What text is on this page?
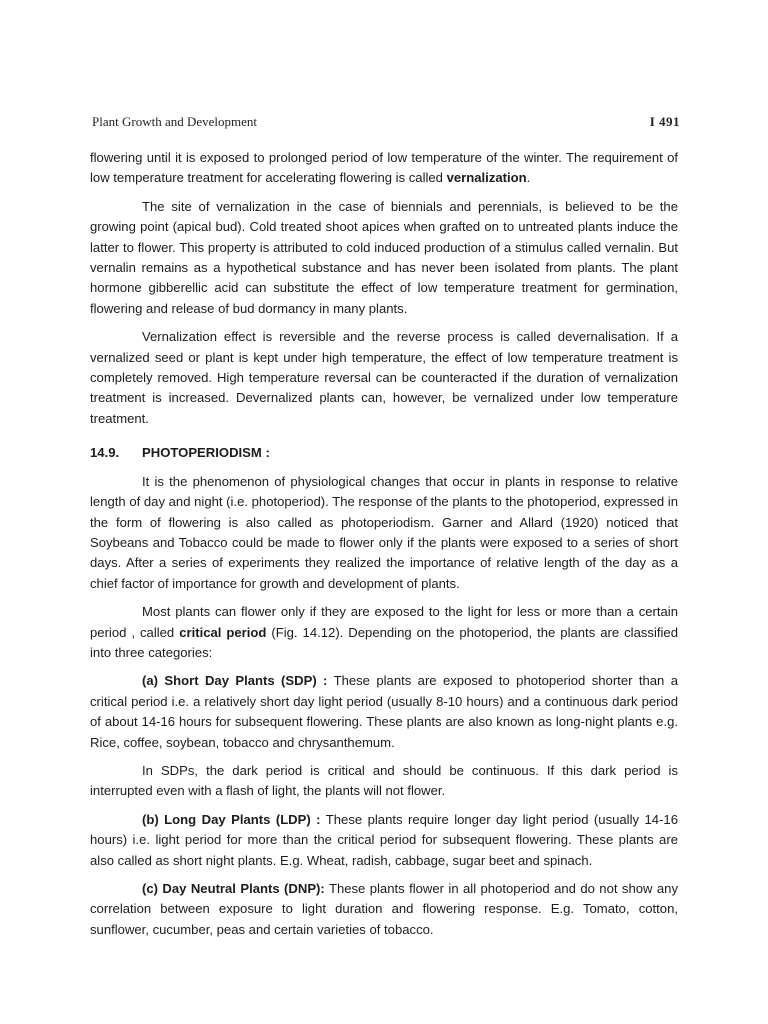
Plant Growth and Development	I 491

flowering until it is exposed to prolonged period of low temperature of the winter. The requirement of low temperature treatment for accelerating flowering is called vernalization.

The site of vernalization in the case of biennials and perennials, is believed to be the growing point (apical bud). Cold treated shoot apices when grafted on to untreated plants induce the latter to flower. This property is attributed to cold induced production of a stimulus called vernalin. But vernalin remains as a hypothetical substance and has never been isolated from plants. The plant hormone gibberellic acid can substitute the effect of low temperature treatment for germination, flowering and release of bud dormancy in many plants.

Vernalization effect is reversible and the reverse process is called devernalisation. If a vernalized seed or plant is kept under high temperature, the effect of low temperature treatment is completely removed. High temperature reversal can be counteracted if the duration of vernalization treatment is increased. Devernalized plants can, however, be vernalized under low temperature treatment.

14.9. PHOTOPERIODISM :

It is the phenomenon of physiological changes that occur in plants in response to relative length of day and night (i.e. photoperiod). The response of the plants to the photoperiod, expressed in the form of flowering is also called as photoperiodism. Garner and Allard (1920) noticed that Soybeans and Tobacco could be made to flower only if the plants were exposed to a series of short days. After a series of experiments they realized the importance of relative length of the day as a chief factor of importance for growth and development of plants.

Most plants can flower only if they are exposed to the light for less or more than a certain period , called critical period (Fig. 14.12). Depending on the photoperiod, the plants are classified into three categories:

(a) Short Day Plants (SDP) : These plants are exposed to photoperiod shorter than a critical period i.e. a relatively short day light period (usually 8-10 hours) and a continuous dark period of about 14-16 hours for subsequent flowering. These plants are also known as long-night plants e.g. Rice, coffee, soybean, tobacco and chrysanthemum.

In SDPs, the dark period is critical and should be continuous. If this dark period is interrupted even with a flash of light, the plants will not flower.

(b) Long Day Plants (LDP) : These plants require longer day light period (usually 14-16 hours) i.e. light period for more than the critical period for subsequent flowering. These plants are also called as short night plants. E.g. Wheat, radish, cabbage, sugar beet and spinach.

(c) Day Neutral Plants (DNP): These plants flower in all photoperiod and do not show any correlation between exposure to light duration and flowering response. E.g. Tomato, cotton, sunflower, cucumber, peas and certain varieties of tobacco.
